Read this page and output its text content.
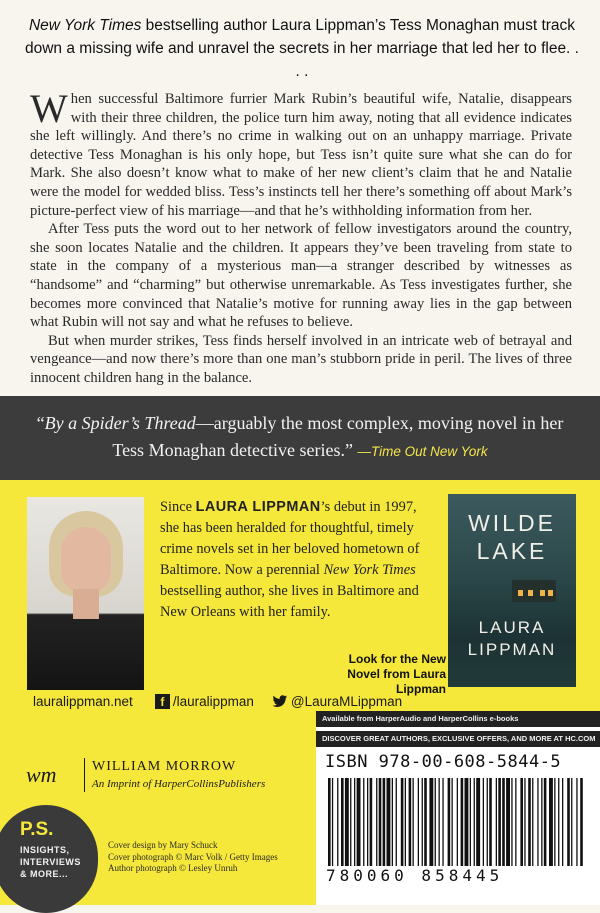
New York Times bestselling author Laura Lippman’s Tess Monaghan must track down a missing wife and unravel the secrets in her marriage that led her to flee. . . .

When successful Baltimore furrier Mark Rubin’s beautiful wife, Natalie, disappears with their three children, the police turn him away, noting that all evidence indicates she left willingly. And there’s no crime in walking out on an unhappy marriage. Private detective Tess Monaghan is his only hope, but Tess isn’t quite sure what she can do for Mark. She also doesn’t know what to make of her new client’s claim that he and Natalie were the model for wedded bliss. Tess’s instincts tell her there’s something off about Mark’s picture-perfect view of his marriage—and that he’s withholding information from her.

After Tess puts the word out to her network of fellow investigators around the country, she soon locates Natalie and the children. It appears they’ve been traveling from state to state in the company of a mysterious man—a stranger described by witnesses as “handsome” and “charming” but otherwise unremarkable. As Tess investigates further, she becomes more convinced that Natalie’s motive for running away lies in the gap between what Rubin will not say and what he refuses to believe.

But when murder strikes, Tess finds herself involved in an intricate web of betrayal and vengeance—and now there’s more than one man’s stubborn pride in peril. The lives of three innocent children hang in the balance.

“By a Spider’s Thread—arguably the most complex, moving novel in her Tess Monaghan detective series.” —Time Out New York
Since LAURA LIPPMAN’s debut in 1997, she has been heralded for thoughtful, timely crime novels set in her beloved hometown of Baltimore. Now a perennial New York Times bestselling author, she lives in Baltimore and New Orleans with her family.
WILDE
LAKE
LAURA
LIPPMAN
Look for the New Novel from Laura Lippman
lauralippman.net	f /lauralippman	@LauraMLippman
wm	WILLIAM MORROW
An Imprint of HarperCollinsPublishers
P.S.
INSIGHTS,
INTERVIEWS
& MORE...
Cover design by Mary Schuck
Cover photograph © Marc Volk / Getty Images
Author photograph © Lesley Unruh
Available from HarperAudio and HarperCollins e-books
DISCOVER GREAT AUTHORS, EXCLUSIVE OFFERS, AND MORE AT HC.COM
ISBN 978-00-608-5844-5
780060 858445
